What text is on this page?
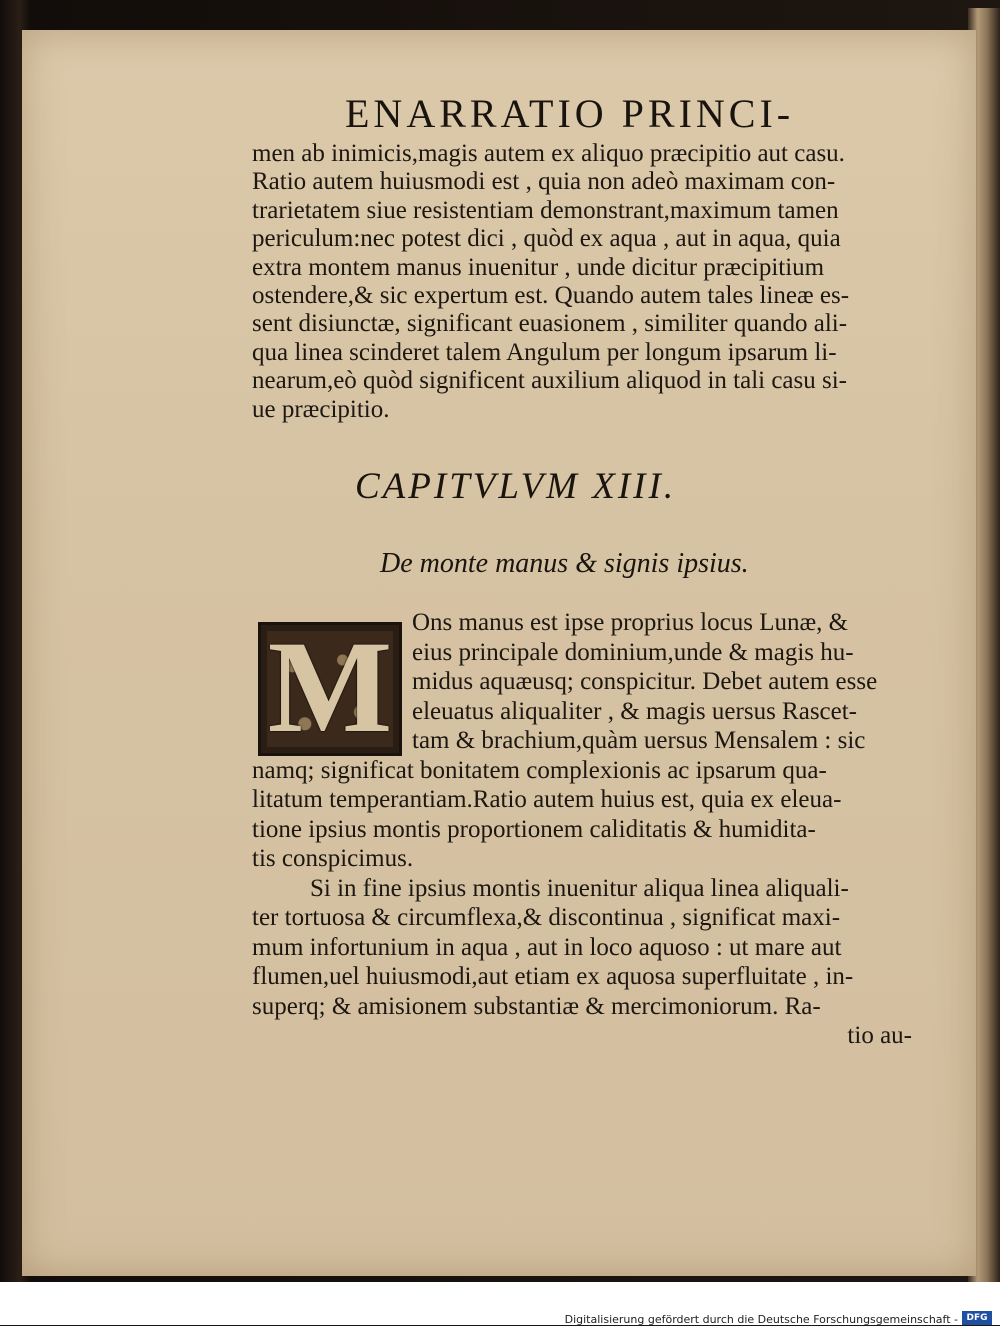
ENARRATIO PRINCI-
men ab inimicis,magis autem ex aliquo præcipitio aut casu.
Ratio autem huiusmodi est , quia non adeò maximam con-
trarietatem siue resistentiam demonstrant,maximum tamen
periculum:nec potest dici , quòd ex aqua , aut in aqua, quia
extra montem manus inuenitur , unde dicitur præcipitium
ostendere,& sic expertum est. Quando autem tales lineæ es-
sent disiunctæ, significant euasionem , similiter quando ali-
qua linea scinderet talem Angulum per longum ipsarum li-
nearum,eò quòd significent auxilium aliquod in tali casu si-
ue præcipitio.
CAPITVLVM XIII.
De monte manus & signis ipsius.
M Ons manus est ipse proprius locus Lunæ, &
eius principale dominium,unde & magis hu-
midus aquæusq; conspicitur. Debet autem esse
eleuatus aliqualiter , & magis uersus Rascet-
tam & brachium,quàm uersus Mensalem : sic
namq; significat bonitatem complexionis ac ipsarum qua-
litatum temperantiam.Ratio autem huius est, quia ex eleua-
tione ipsius montis proportionem caliditatis & humidita-
tis conspicimus.
Si in fine ipsius montis inuenitur aliqua linea aliquali-
ter tortuosa & circumflexa,& discontinua , significat maxi-
mum infortunium in aqua , aut in loco aquoso : ut mare aut
flumen,uel huiusmodi,aut etiam ex aquosa superfluitate , in-
superq; & amisionem substantiæ & mercimoniorum. Ra-
tio au-
Digitalisierung gefördert durch die Deutsche Forschungsgemeinschaft - DFG
